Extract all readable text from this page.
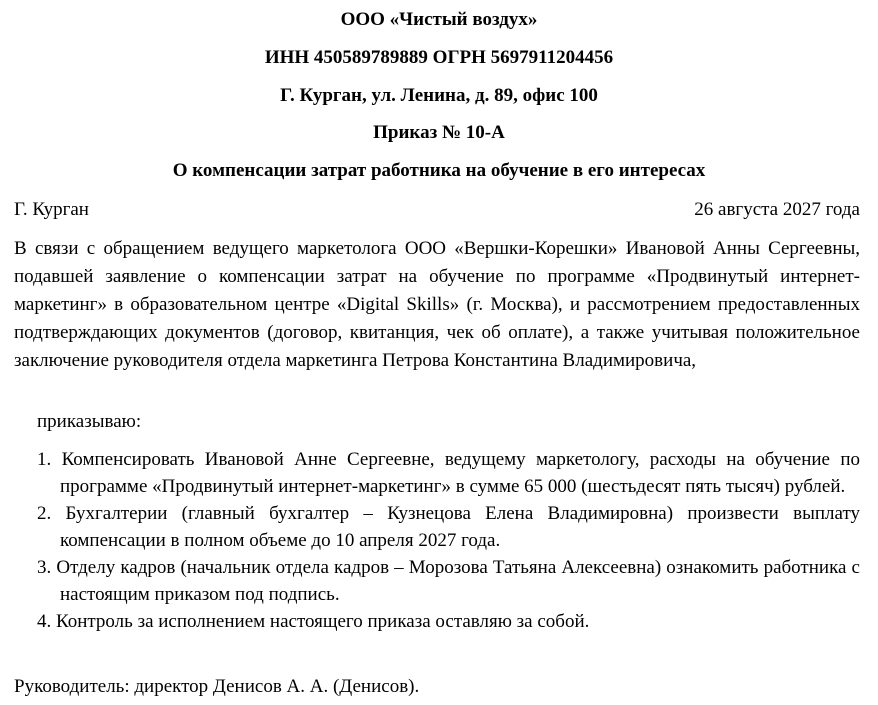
ООО «Чистый воздух»
ИНН 450589789889 ОГРН 5697911204456
Г. Курган, ул. Ленина, д. 89, офис 100
Приказ № 10-А
О компенсации затрат работника на обучение в его интересах
Г. Курган	26 августа 2027 года
В связи с обращением ведущего маркетолога ООО «Вершки-Корешки» Ивановой Анны Сергеевны, подавшей заявление о компенсации затрат на обучение по программе «Продвинутый интернет-маркетинг» в образовательном центре «Digital Skills» (г. Москва), и рассмотрением предоставленных подтверждающих документов (договор, квитанция, чек об оплате), а также учитывая положительное заключение руководителя отдела маркетинга Петрова Константина Владимировича,
приказываю:
1. Компенсировать Ивановой Анне Сергеевне, ведущему маркетологу, расходы на обучение по программе «Продвинутый интернет-маркетинг» в сумме 65 000 (шестьдесят пять тысяч) рублей.
2. Бухгалтерии (главный бухгалтер – Кузнецова Елена Владимировна) произвести выплату компенсации в полном объеме до 10 апреля 2027 года.
3. Отделу кадров (начальник отдела кадров – Морозова Татьяна Алексеевна) ознакомить работника с настоящим приказом под подпись.
4. Контроль за исполнением настоящего приказа оставляю за собой.
Руководитель: директор Денисов А. А. (Денисов).
